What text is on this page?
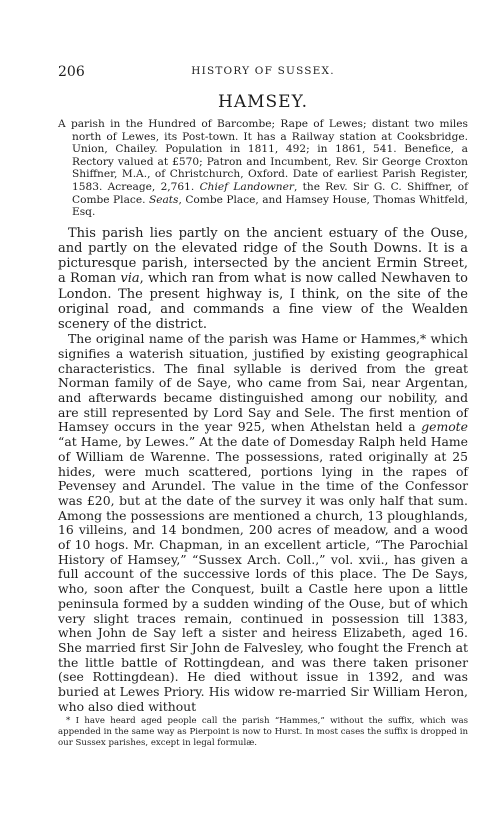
206	HISTORY OF SUSSEX.
HAMSEY.
A parish in the Hundred of Barcombe; Rape of Lewes; distant two miles north of Lewes, its Post-town. It has a Railway station at Cooksbridge. Union, Chailey. Population in 1811, 492; in 1861, 541. Benefice, a Rectory valued at £570; Patron and Incumbent, Rev. Sir George Croxton Shiffner, M.A., of Christchurch, Oxford. Date of earliest Parish Register, 1583. Acreage, 2,761. Chief Landowner, the Rev. Sir G. C. Shiffner, of Combe Place. Seats, Combe Place, and Hamsey House, Thomas Whitfeld, Esq.

This parish lies partly on the ancient estuary of the Ouse, and partly on the elevated ridge of the South Downs. It is a picturesque parish, intersected by the ancient Ermin Street, a Roman via, which ran from what is now called Newhaven to London. The present highway is, I think, on the site of the original road, and commands a fine view of the Wealden scenery of the district.

The original name of the parish was Hame or Hammes,* which signifies a waterish situation, justified by existing geographical characteristics. The final syllable is derived from the great Norman family of de Saye, who came from Sai, near Argentan, and afterwards became distinguished among our nobility, and are still represented by Lord Say and Sele. The first mention of Hamsey occurs in the year 925, when Athelstan held a gemote “at Hame, by Lewes.” At the date of Domesday Ralph held Hame of William de Warenne. The possessions, rated originally at 25 hides, were much scattered, portions lying in the rapes of Pevensey and Arundel. The value in the time of the Confessor was £20, but at the date of the survey it was only half that sum. Among the possessions are mentioned a church, 13 ploughlands, 16 villeins, and 14 bondmen, 200 acres of meadow, and a wood of 10 hogs. Mr. Chapman, in an excellent article, “The Parochial History of Hamsey,” “Sussex Arch. Coll.,” vol. xvii., has given a full account of the successive lords of this place. The De Says, who, soon after the Conquest, built a Castle here upon a little peninsula formed by a sudden winding of the Ouse, but of which very slight traces remain, continued in possession till 1383, when John de Say left a sister and heiress Elizabeth, aged 16. She married first Sir John de Falvesley, who fought the French at the little battle of Rottingdean, and was there taken prisoner (see Rottingdean). He died without issue in 1392, and was buried at Lewes Priory. His widow re-married Sir William Heron, who also died without

* I have heard aged people call the parish “Hammes,” without the suffix, which was appended in the same way as Pierpoint is now to Hurst. In most cases the suffix is dropped in our Sussex parishes, except in legal formulæ.
